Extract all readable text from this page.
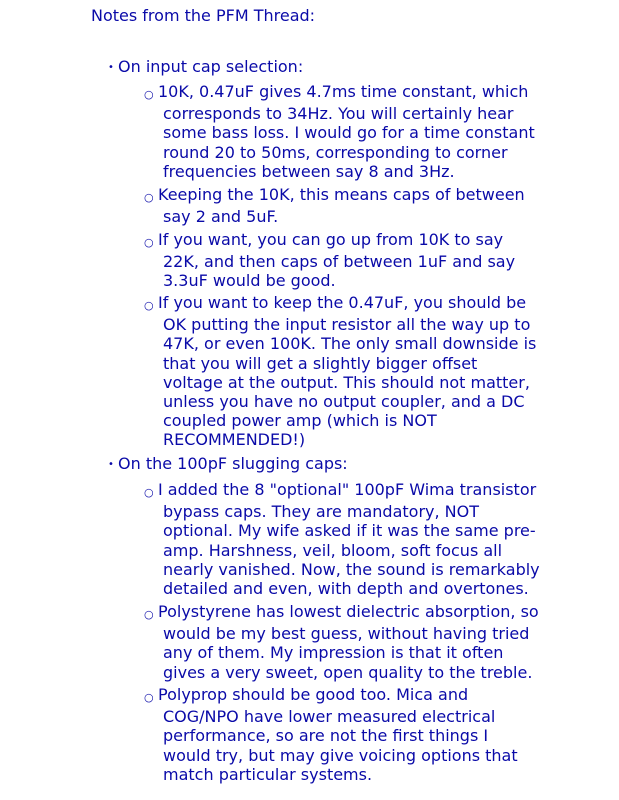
Notes from the PFM Thread:
• On input cap selection:
○ 10K, 0.47uF gives 4.7ms time constant, which
corresponds to 34Hz. You will certainly hear
some bass loss. I would go for a time constant
round 20 to 50ms, corresponding to corner
frequencies between say 8 and 3Hz.
○ Keeping the 10K, this means caps of between
say 2 and 5uF.
○ If you want, you can go up from 10K to say
22K, and then caps of between 1uF and say
3.3uF would be good.
○ If you want to keep the 0.47uF, you should be
OK putting the input resistor all the way up to
47K, or even 100K. The only small downside is
that you will get a slightly bigger offset
voltage at the output. This should not matter,
unless you have no output coupler, and a DC
coupled power amp (which is NOT
RECOMMENDED!)
• On the 100pF slugging caps:
○ I added the 8 "optional" 100pF Wima transistor
bypass caps. They are mandatory, NOT
optional. My wife asked if it was the same pre-
amp. Harshness, veil, bloom, soft focus all
nearly vanished. Now, the sound is remarkably
detailed and even, with depth and overtones.
○ Polystyrene has lowest dielectric absorption, so
would be my best guess, without having tried
any of them. My impression is that it often
gives a very sweet, open quality to the treble.
○ Polyprop should be good too. Mica and
COG/NPO have lower measured electrical
performance, so are not the first things I
would try, but may give voicing options that
match particular systems.
